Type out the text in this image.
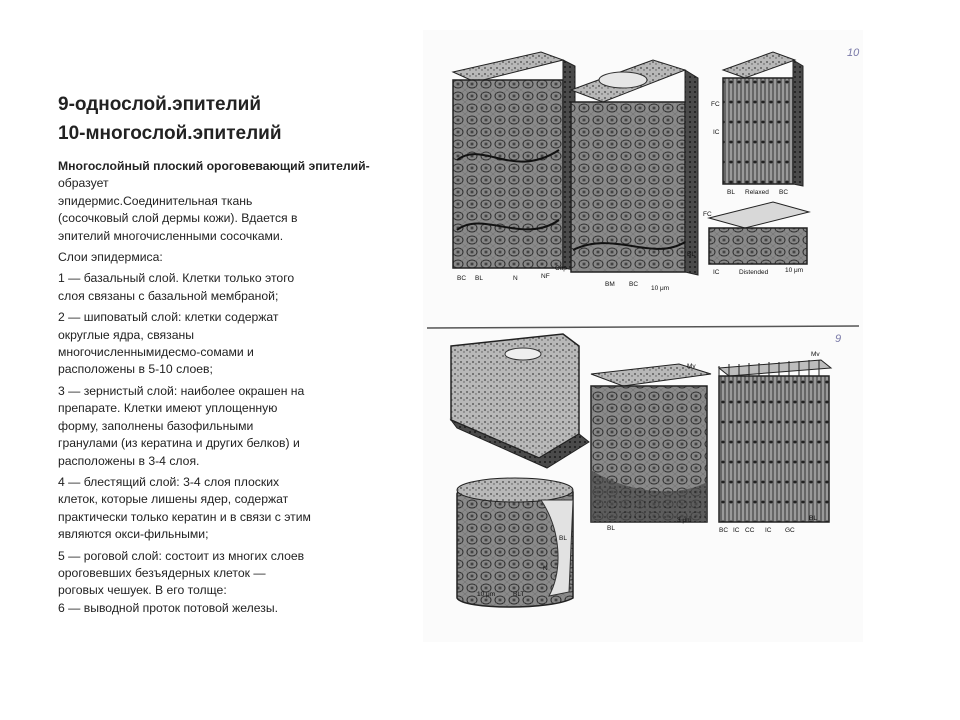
9-однослой.эпителий
10-многослой.эпителий

Многослойный плоский ороговевающий эпителий-образует
эпидермис.Соединительная ткань
(сосочковый слой дермы кожи). Вдается в
эпителий многочисленными сосочками.

Слои эпидермиса:

1 — базальный слой. Клетки только этого
слоя связаны с базальной мембраной;

2 — шиповатый слой: клетки содержат
округлые ядра, связаны
многочисленнымидесмо-сомами и
расположены в 5-10 слоев;

3 — зернистый слой: наиболее окрашен на
препарате. Клетки имеют уплощенную
форму, заполнены базофильными
гранулами (из кератина и других белков) и
расположены в 3-4 слоя.

4 — блестящий слой: 3-4 слоя плоских
клеток, которые лишены ядер, содержат
практически только кератин и в связи с этим
являются окси-фильными;

5 — роговой слой: состоит из многих слоев
ороговевших безъядерных клеток —
роговых чешуек. В его толще:
6 — выводной проток потовой железы.

10
BC BL	N	NF
Cap
BM BC
10 μm
BL
FC
IC
BL Relaxed BC
FC
IC	Distended	10 μm
9
10 μm
BL
N
BLT
BL
3 μm
BC IC CC IC GC
BL
Mv
Mv
